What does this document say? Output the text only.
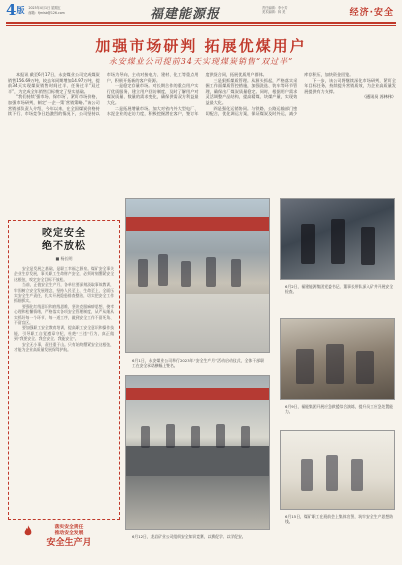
4 版 2023年4月1日 星期五
邮箱：fjmlsb@126.com	福建能源报	责任编辑：李小芳
美术编辑：林 美	经济·安全
加强市场研判 拓展优煤用户
永安煤业公司提前34天实现煤炭销售“双过半”

本报讯 截至6月17日，永安煤业公司完成煤炭销售156.69万吨，较去年同期增加14.97万吨，提前34天实现煤炭销售时间过半、任务过半“双过半”，为完成全年销售目标奠定了坚实基础。

“我们持续‘强市场、保市场’，紧盯市场价格，加强市场研判，制定‘一企一策’营销策略。”该公司营销部负责人介绍，今年以来，在全国煤炭价格持续下行、市场竞争日趋激烈的情况下，公司坚持以市场为导向，主动对接电力、建材、化工等重点用户，积极开拓新的客户资源。

一是稳定存量市场。对长期合作的重点用户实行优质服务，建立用户回访制度，及时了解用户对煤炭质量、数量的需求变化，确保供需双方利益最大化。

二是拓展增量市场。加大对省内外大型电厂、水泥企业的走访力度，积极挖掘潜在客户，签订年度供货合同，拓展优质用户群体。

三是狠抓煤质管理。从源头抓起，严格落实采掘工作面煤质管控措施，加强洗选、装车等环节管理，确保出厂煤炭质量稳定。同时，根据用户需求灵活调整产品结构，提高精煤、块煤产量，实现效益最大化。

四是强化运销协同。与铁路、公路运输部门密切配合，优化调运方案，保证煤炭及时外运，减少库存积压，加快资金回笼。

下一步，该公司将继续深化市场研判，紧盯全年目标任务，持续提升营销质效，为企业高质量发展提供有力支撑。

（通讯员 苏林伟）
咬定安全
绝不放松
■ 杨长明

安全是发展之基础，是职工幸福之源泉。煤矿安全事关企业生存发展，事关职工生命财产安全，必须时刻绷紧安全这根弦，咬定安全目标不放松。

当前，正值安全生产月，各单位要深刻汲取事故教训，牢固树立安全发展理念，坚持人民至上、生命至上，全面压实安全生产责任，扎实开展隐患排查整治，切实把安全工作抓细抓实。

要强化红线意识和底线思维，坚决克服麻痹思想、侥幸心理和松懈情绪，严格落实各项安全管理制度，从严从细从实抓好每一个环节、每一道工序，做到安全工作不留死角、不留盲区。

要加强职工安全教育培训，提高职工安全意识和操作技能，引导职工自觉遵章守纪，杜绝“三违”行为，真正做到“我要安全、我会安全、我能安全”。

安全无小事，责任重于山。只有始终绷紧安全这根弦，才能为企业高质量发展保驾护航。

落实安全责任
推动安全发展
安全生产月
6月1日，永安煤业公司举行2023年“安全生产月”活动启动仪式，全体干部职工在安全承诺横幅上签名。
6月2日，福建能源集团党委书记、董事长带队深入矿井开展安全检查。
6月9日，福能集团开展应急救援综合演练，提升员工应急处置能力。
6月12日，龙岩矿业公司组织安全知识竞赛，以赛促学、以学促安。
6月15日，煤矿职工在班前会上集体宣誓，筑牢安全生产思想防线。
